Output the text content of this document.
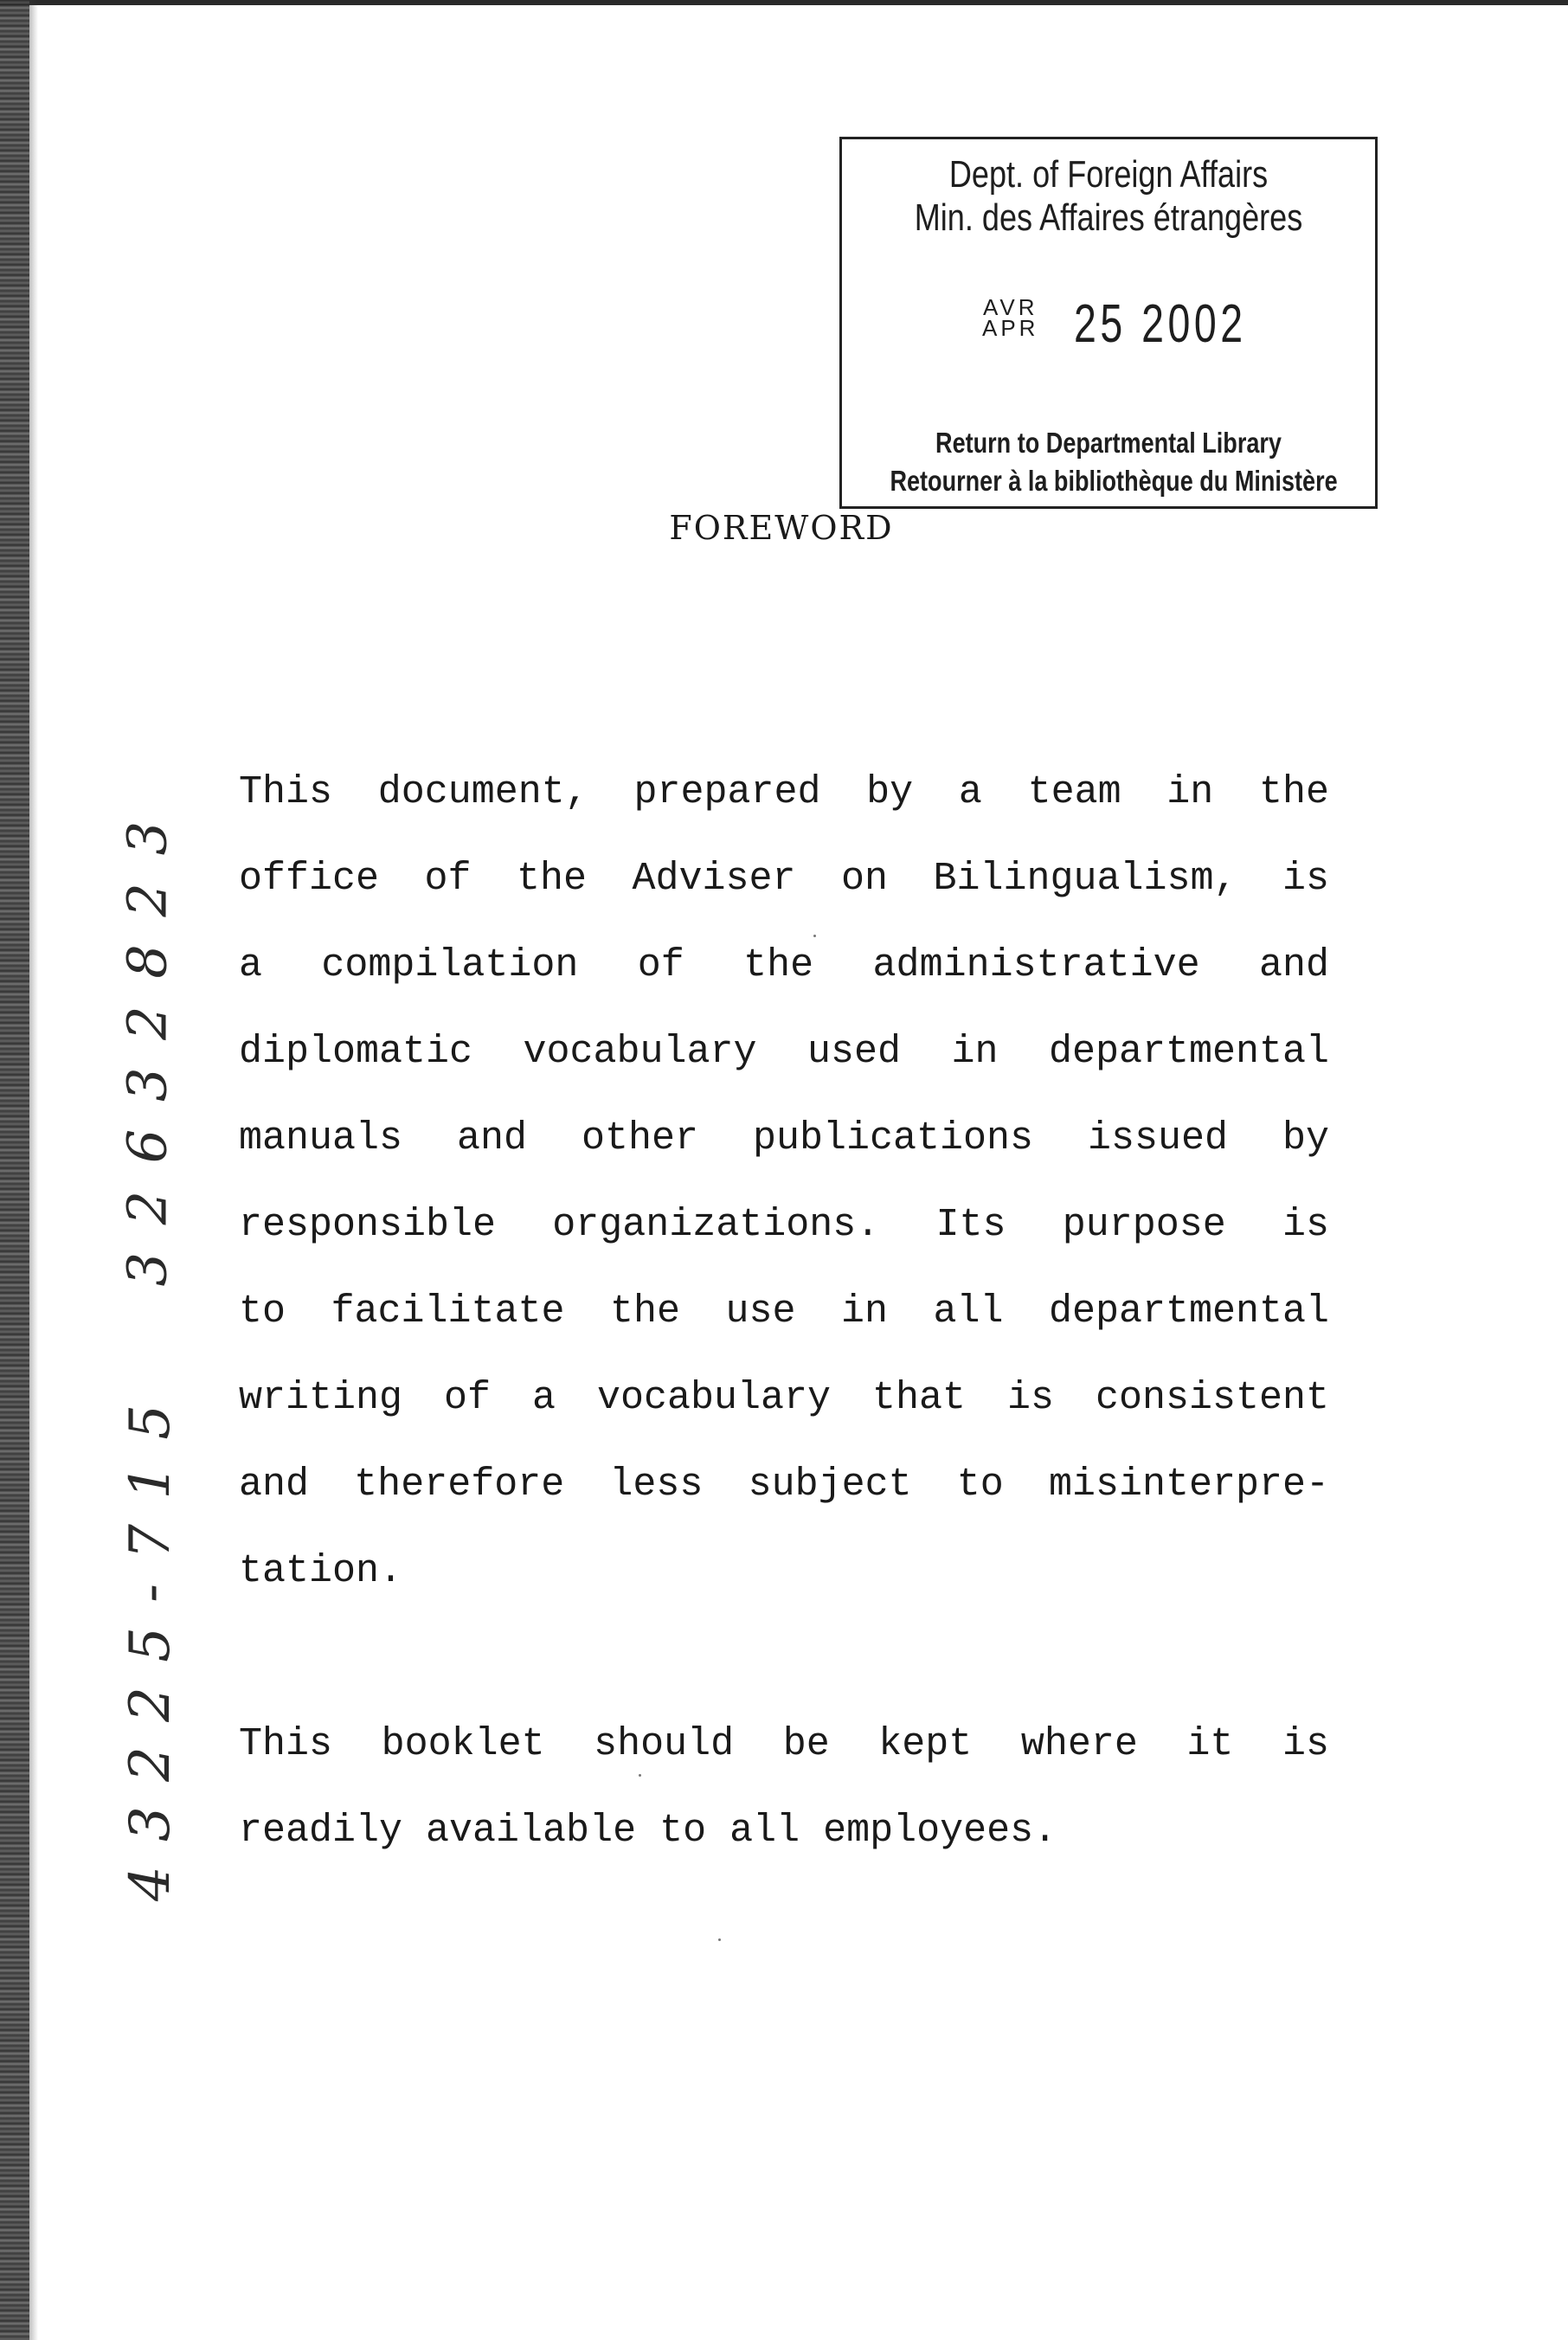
Dept. of Foreign Affairs
Min. des Affaires étrangères
AVR
APR 25 2002
Return to Departmental Library
Retourner à la bibliothèque du Ministère
FOREWORD
This document, prepared by a team in the
office of the Adviser on Bilingualism, is
a compilation of the administrative and
diplomatic vocabulary used in departmental
manuals and other publications issued by
responsible organizations. Its purpose is
to facilitate the use in all departmental
writing of a vocabulary that is consistent
and therefore less subject to misinterpre-
tation.
This booklet should be kept where it is
readily available to all employees.
3 2 6 3 2 8 2 3
4 3 2 2 5 - 7 1 5
